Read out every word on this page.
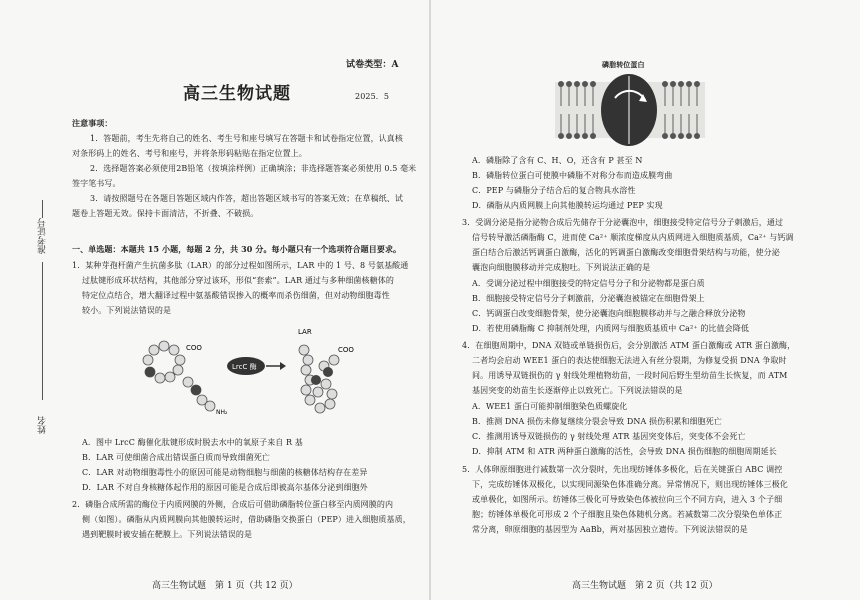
试卷类型：A
高三生物试题	2025．5
注意事项：
1．答题前，考生先将自己的姓名、考生号和座号填写在答题卡和试卷指定位置，认真核
对条形码上的姓名、考号和座号，并将条形码粘贴在指定位置上。
2．选择题答案必须使用2B铅笔（按填涂样例）正确填涂；非选择题答案必须使用 0.5 毫米
签字笔书写。
3．请按照题号在各题目答题区域内作答，超出答题区域书写的答案无效；在草稿纸、试
题卷上答题无效。保持卡面清洁，不折叠、不破损。
准考证号
姓名
一、单选题：本题共 15 小题，每题 2 分，共 30 分。每小题只有一个选项符合题目要求。
1．某种芽孢杆菌产生抗菌多肽（LAR）的部分过程如图所示，LAR 中的 1 号、8 号氨基酸通
过肽键形成环状结构，其他部分穿过该环，形似“套索”。LAR 通过与多种细菌核糖体的
特定位点结合，增大翻译过程中氨基酸错误掺入的概率而杀伤细菌，但对动物细胞毒性
较小。下列说法错误的是
COO
NH₂
LrcC 酶
LAR
COO
A．图中 LrcC 酶催化肽键形成时脱去水中的氧原子来自 R 基
B．LAR 可使细菌合成出错误蛋白质而导致细菌死亡
C．LAR 对动物细胞毒性小的原因可能是动物细胞与细菌的核糖体结构存在差异
D．LAR 不对自身核糖体起作用的原因可能是合成后即被高尔基体分泌到细胞外
2．磷脂合成所需的酶位于内质网膜的外侧，合成后可借助磷脂转位蛋白移至内质网膜的内
侧（如图）。磷脂从内质网膜向其他膜转运时，借助磷脂交换蛋白（PEP）进入细胞质基质，
遇到靶膜时被安插在靶膜上。下列说法错误的是
高三生物试题　第 1 页（共 12 页）
磷脂转位蛋白
A．磷脂除了含有 C、H、O，还含有 P 甚至 N
B．磷脂转位蛋白可使膜中磷脂不对称分布而造成膜弯曲
C．PEP 与磷脂分子结合后的复合物具水溶性
D．磷脂从内质网膜上向其他膜转运均通过 PEP 实现
3．受调分泌是指分泌物合成后先储存于分泌囊泡中，细胞接受特定信号分子刺激后，通过
信号转导激活磷脂酶 C，进而使 Ca²⁺ 顺浓度梯度从内质网进入细胞质基质，Ca²⁺ 与钙调
蛋白结合后激活钙调蛋白激酶，活化的钙调蛋白激酶改变细胞骨架结构与功能，使分泌
囊泡向细胞膜移动并完成胞吐。下列说法正确的是
A．受调分泌过程中细胞接受的特定信号分子和分泌物都是蛋白质
B．细胞接受特定信号分子刺激前，分泌囊泡被锚定在细胞骨架上
C．钙调蛋白改变细胞骨架，使分泌囊泡向细胞膜移动并与之融合释放分泌物
D．若使用磷脂酶 C 抑制剂处理，内质网与细胞质基质中 Ca²⁺ 的比值会降低
4．在细胞周期中，DNA 双链或单链损伤后，会分别激活 ATM 蛋白激酶或 ATR 蛋白激酶，
二者均会启动 WEE1 蛋白的表达使细胞无法进入有丝分裂期，为修复受损 DNA 争取时
间。用诱导双链损伤的 γ 射线处理植物幼苗，一段时间后野生型幼苗生长恢复，而 ATM
基因突变的幼苗生长逐渐停止以致死亡。下列说法错误的是
A．WEE1 蛋白可能抑制细胞染色质螺旋化
B．推测 DNA 损伤未修复继续分裂会导致 DNA 损伤积累和细胞死亡
C．推测用诱导双链损伤的 γ 射线处理 ATR 基因突变体后，突变体不会死亡
D．抑制 ATM 和 ATR 两种蛋白激酶的活性，会导致 DNA 损伤细胞的细胞周期延长
5．人体卵原细胞进行减数第一次分裂时，先出现纺锤体多极化，后在关键蛋白 ABC 调控
下，完成纺锤体双极化，以实现同源染色体准确分离。异常情况下，则出现纺锤体三极化
或单极化，如图所示。纺锤体三极化可导致染色体被拉向三个不同方向，进入 3 个子细
胞；纺锤体单极化可形成 2 个子细胞且染色体随机分离。若减数第二次分裂染色单体正
常分离，卵原细胞的基因型为 AaBb，两对基因独立遗传。下列说法错误的是
高三生物试题　第 2 页（共 12 页）
